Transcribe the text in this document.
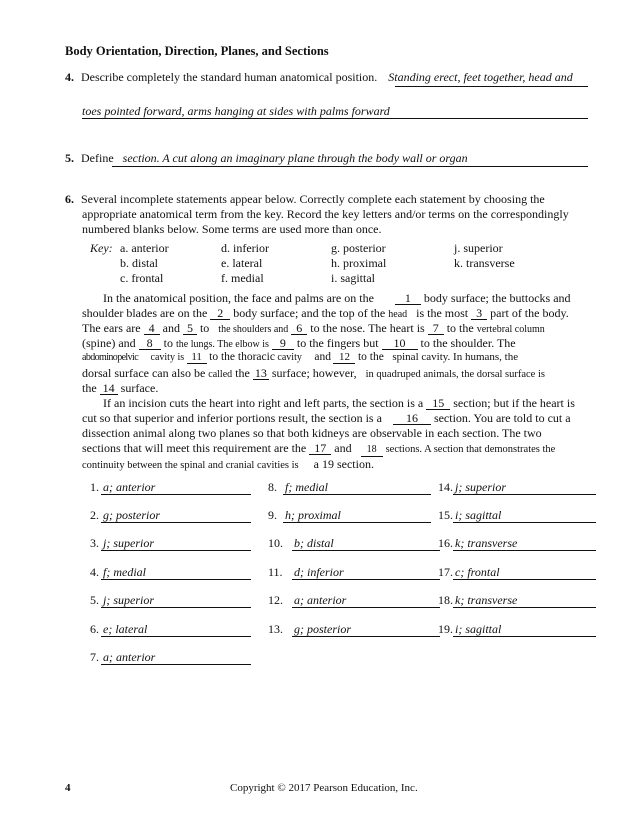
Body Orientation, Direction, Planes, and Sections
4. Describe completely the standard human anatomical position. Standing erect, feet together, head and
toes pointed forward, arms hanging at sides with palms forward
5. Define section. A cut along an imaginary plane through the body wall or organ
6. Several incomplete statements appear below. Correctly complete each statement by choosing the
appropriate anatomical term from the key. Record the key letters and/or terms on the correspondingly
numbered blanks below. Some terms are used more than once.
Key: a. anterior
b. distal
c. frontal
d. inferior
e. lateral
f. medial
g. posterior
h. proximal
i. sagittal
j. superior
k. transverse
In the anatomical position, the face and palms are on the	1 body surface; the buttocks and
shoulder blades are on the 2 body surface; and the top of the head is the most 3 part of the body.
The ears are 4 and 5 to the shoulders and 6 to the nose. The heart is 7 to the vertebral column
(spine) and 8 to the lungs. The elbow is 9 to the fingers but 10 to the shoulder. The
abdominopelvic cavity is 11 to the thoracic cavity and 12 to the spinal cavity. In humans, the
dorsal surface can also be called the 13 surface; however, in quadruped animals, the dorsal surface is
the 14 surface.
If an incision cuts the heart into right and left parts, the section is a 15 section; but if the heart is
cut so that superior and inferior portions result, the section is a 16 section. You are told to cut a
dissection animal along two planes so that both kidneys are observable in each section. The two
sections that will meet this requirement are the 17 and 18 sections. A section that demonstrates the
continuity between the spinal and cranial cavities is a 19 section.
1. a; anterior
2. g; posterior
3. j; superior
4. f; medial
5. j; superior
6. e; lateral
7. a; anterior
8. f; medial
9. h; proximal
10. b; distal
11. d; inferior
12. a; anterior
13. g; posterior
14. j; superior
15. i; sagittal
16. k; transverse
17. c; frontal
18. k; transverse
19. i; sagittal
4	Copyright © 2017 Pearson Education, Inc.
